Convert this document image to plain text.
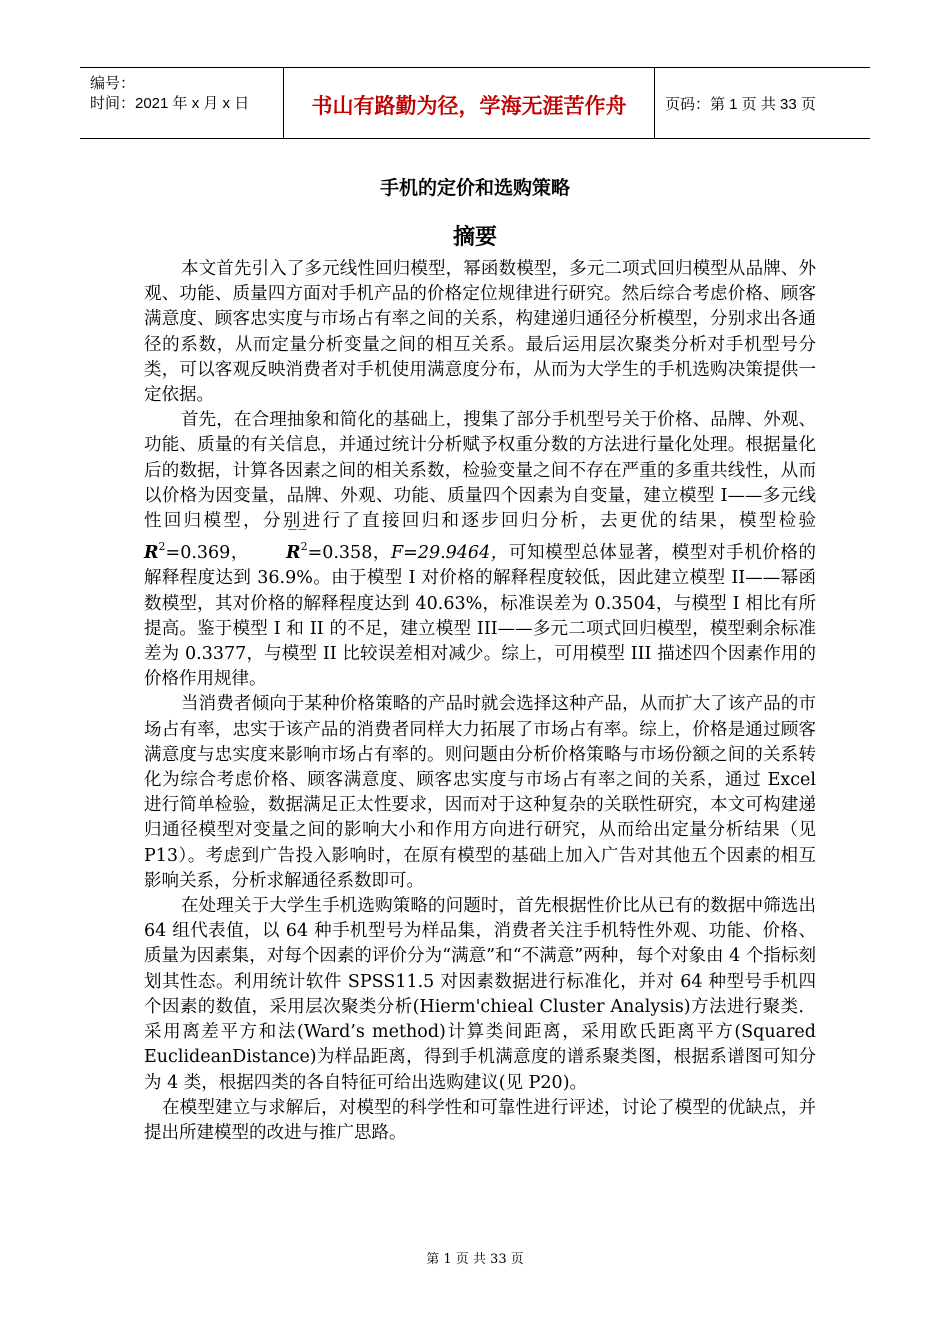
编号：
时间：2021 年 x 月 x 日	书山有路勤为径，学海无涯苦作舟	页码：第 1 页 共 33 页
手机的定价和选购策略
摘要

本文首先引入了多元线性回归模型，幂函数模型，多元二项式回归模型从品牌、外观、功能、质量四方面对手机产品的价格定位规律进行研究。然后综合考虑价格、顾客满意度、顾客忠实度与市场占有率之间的关系，构建递归通径分析模型，分别求出各通径的系数，从而定量分析变量之间的相互关系。最后运用层次聚类分析对手机型号分类，可以客观反映消费者对手机使用满意度分布，从而为大学生的手机选购决策提供一定依据。

首先，在合理抽象和简化的基础上，搜集了部分手机型号关于价格、品牌、外观、功能、质量的有关信息，并通过统计分析赋予权重分数的方法进行量化处理。根据量化后的数据，计算各因素之间的相关系数，检验变量之间不存在严重的多重共线性，从而以价格为因变量，品牌、外观、功能、质量四个因素为自变量，建立模型 I——多元线性回归模型，分别进行了直接回归和逐步回归分析，去更优的结果，模型检验$R^2=0.369$，— — $R^2=0.358$，F=29.9464，可知模型总体显著，模型对手机价格的解释程度达到 36.9%。由于模型 I 对价格的解释程度较低，因此建立模型 II——幂函数模型，其对价格的解释程度达到 40.63%，标准误差为 0.3504，与模型 I 相比有所提高。鉴于模型 I 和 II 的不足，建立模型 III——多元二项式回归模型，模型剩余标准差为 0.3377，与模型 II 比较误差相对减少。综上，可用模型 III 描述四个因素作用的价格作用规律。

当消费者倾向于某种价格策略的产品时就会选择这种产品，从而扩大了该产品的市场占有率，忠实于该产品的消费者同样大力拓展了市场占有率。综上，价格是通过顾客满意度与忠实度来影响市场占有率的。则问题由分析价格策略与市场份额之间的关系转化为综合考虑价格、顾客满意度、顾客忠实度与市场占有率之间的关系，通过 Excel 进行简单检验，数据满足正太性要求，因而对于这种复杂的关联性研究，本文可构建递归通径模型对变量之间的影响大小和作用方向进行研究，从而给出定量分析结果（见 P13）。考虑到广告投入影响时，在原有模型的基础上加入广告对其他五个因素的相互影响关系，分析求解通径系数即可。

在处理关于大学生手机选购策略的问题时，首先根据性价比从已有的数据中筛选出 64 组代表值，以 64 种手机型号为样品集，消费者关注手机特性外观、功能、价格、质量为因素集，对每个因素的评价分为“满意”和“不满意”两种，每个对象由 4 个指标刻划其性态。利用统计软件 SPSS11.5 对因素数据进行标准化，并对 64 种型号手机四个因素的数值，采用层次聚类分析(Hierm'chieal Cluster Analysis)方法进行聚类．采用离差平方和法(Ward’s method)计算类间距离，采用欧氏距离平方(Squared EuclideanDistance)为样品距离，得到手机满意度的谱系聚类图，根据系谱图可知分为 4 类，根据四类的各自特征可给出选购建议(见 P20)。

在模型建立与求解后，对模型的科学性和可靠性进行评述，讨论了模型的优缺点，并提出所建模型的改进与推广思路。

第 1 页 共 33 页
